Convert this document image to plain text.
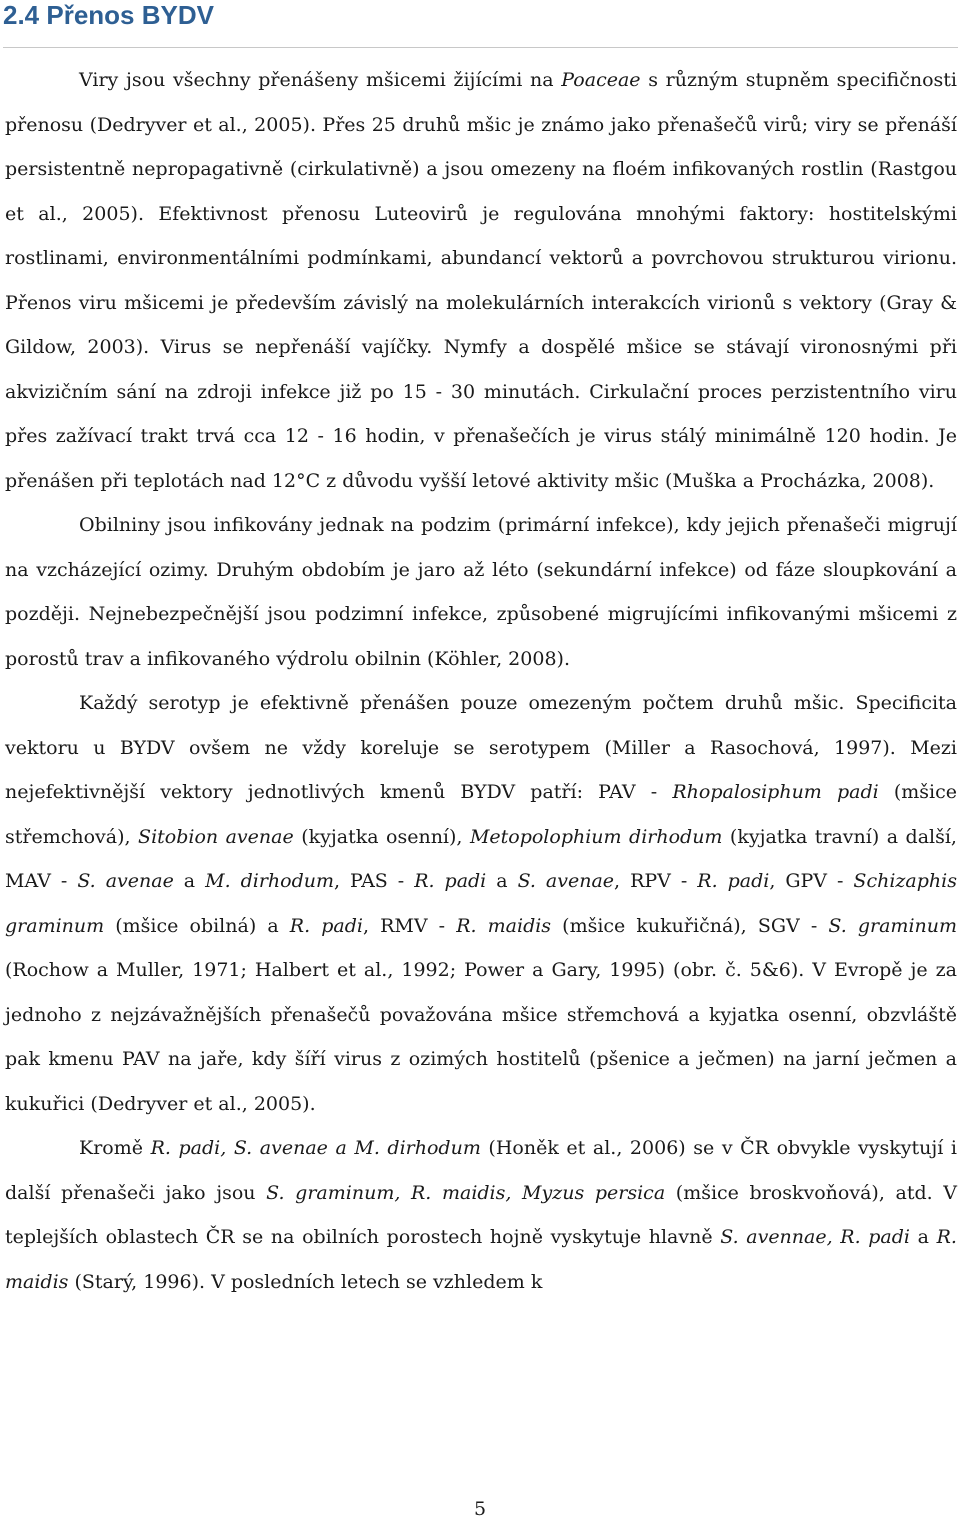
2.4 Přenos BYDV

Viry jsou všechny přenášeny mšicemi žijícími na Poaceae s různým stupněm specifičnosti přenosu (Dedryver et al., 2005). Přes 25 druhů mšic je známo jako přenašečů virů; viry se přenáší persistentně nepropagativně (cirkulativně) a jsou omezeny na floém infikovaných rostlin (Rastgou et al., 2005). Efektivnost přenosu Luteovirů je regulována mnohými faktory: hostitelskými rostlinami, environmentálními podmínkami, abundancí vektorů a povrchovou strukturou virionu. Přenos viru mšicemi je především závislý na molekulárních interakcích virionů s vektory (Gray & Gildow, 2003). Virus se nepřenáší vajíčky. Nymfy a dospělé mšice se stávají vironosnými při akvizičním sání na zdroji infekce již po 15 - 30 minutách. Cirkulační proces perzistentního viru přes zažívací trakt trvá cca 12 - 16 hodin, v přenašečích je virus stálý minimálně 120 hodin. Je přenášen při teplotách nad 12°C z důvodu vyšší letové aktivity mšic (Muška a Procházka, 2008).

Obilniny jsou infikovány jednak na podzim (primární infekce), kdy jejich přenašeči migrují na vzcházející ozimy. Druhým obdobím je jaro až léto (sekundární infekce) od fáze sloupkování a později. Nejnebezpečnější jsou podzimní infekce, způsobené migrujícími infikovanými mšicemi z porostů trav a infikovaného výdrolu obilnin (Köhler, 2008).

Každý serotyp je efektivně přenášen pouze omezeným počtem druhů mšic. Specificita vektoru u BYDV ovšem ne vždy koreluje se serotypem (Miller a Rasochová, 1997). Mezi nejefektivnější vektory jednotlivých kmenů BYDV patří: PAV - Rhopalosiphum padi (mšice střemchová), Sitobion avenae (kyjatka osenní), Metopolophium dirhodum (kyjatka travní) a další, MAV - S. avenae a M. dirhodum, PAS - R. padi a S. avenae, RPV - R. padi, GPV - Schizaphis graminum (mšice obilná) a R. padi, RMV - R. maidis (mšice kukuřičná), SGV - S. graminum (Rochow a Muller, 1971; Halbert et al., 1992; Power a Gary, 1995) (obr. č. 5&6). V Evropě je za jednoho z nejzávažnějších přenašečů považována mšice střemchová a kyjatka osenní, obzvláště pak kmenu PAV na jaře, kdy šíří virus z ozimých hostitelů (pšenice a ječmen) na jarní ječmen a kukuřici (Dedryver et al., 2005).

Kromě R. padi, S. avenae a M. dirhodum (Honěk et al., 2006) se v ČR obvykle vyskytují i další přenašeči jako jsou S. graminum, R. maidis, Myzus persica (mšice broskvoňová), atd. V teplejších oblastech ČR se na obilních porostech hojně vyskytuje hlavně S. avennae, R. padi a R. maidis (Starý, 1996). V posledních letech se vzhledem k

5
